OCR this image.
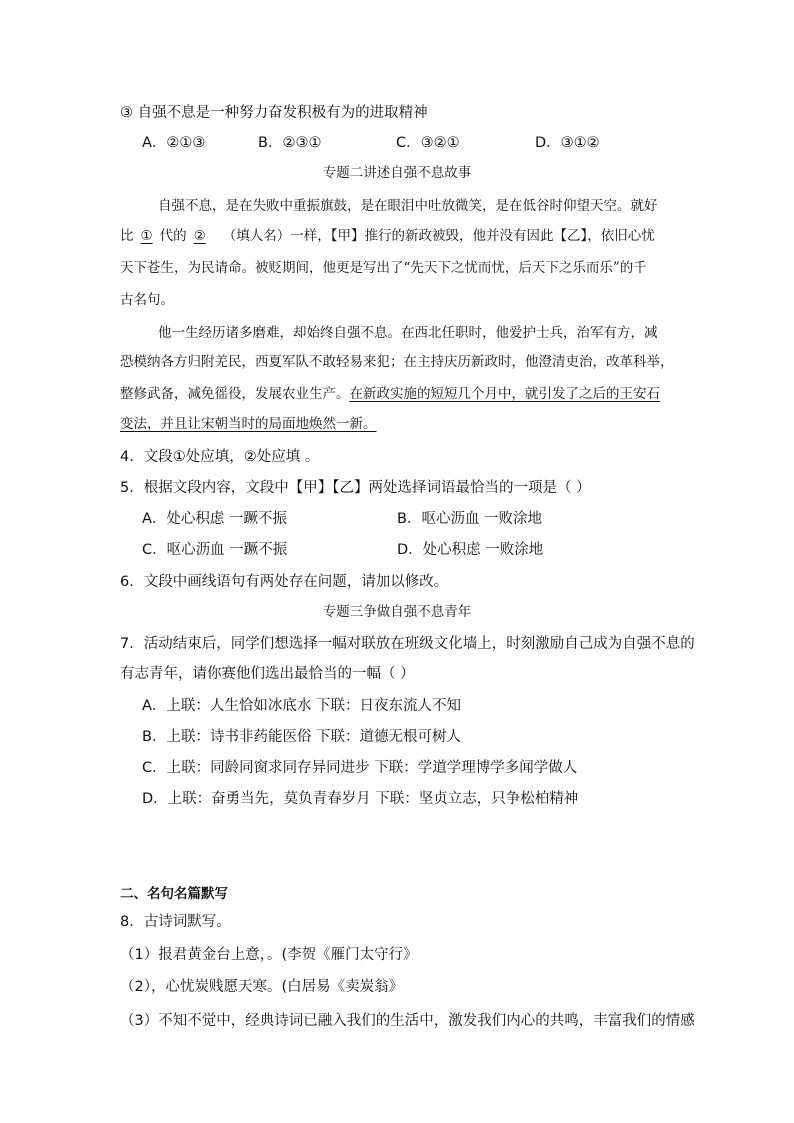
③ 自强不息是一种努力奋发积极有为的进取精神
A．②①③	B．②③①	C．③②①	D．③①②
专题二讲述自强不息故事
自强不息，是在失败中重振旗鼓，是在眼泪中吐放微笑，是在低谷时仰望天空。就好
比 ① 代的 ② （填人名）一样，【甲】推行的新政被毁，他并没有因此【乙】，依旧心忧
天下苍生，为民请命。被贬期间，他更是写出了“先天下之忧而忧，后天下之乐而乐”的千
古名句。
他一生经历诸多磨难，却始终自强不息。在西北任职时，他爱护士兵，治军有方，减
恐模纳各方归附羌民，西夏军队不敢轻易来犯；在主持庆历新政时，他澄清吏治，改革科举，
整修武备，减免徭役，发展农业生产。在新政实施的短短几个月中，就引发了之后的王安石
变法，并且让宋朝当时的局面地焕然一新。
4．文段①处应填，②处应填 。
5．根据文段内容，文段中【甲】【乙】两处选择词语最恰当的一项是（ ）
A．处心积虑 一蹶不振	B．呕心沥血 一败涂地
C．呕心沥血 一蹶不振	D．处心积虑 一败涂地
6．文段中画线语句有两处存在问题，请加以修改。
专题三争做自强不息青年
7．活动结束后，同学们想选择一幅对联放在班级文化墙上，时刻激励自己成为自强不息的
有志青年，请你赛他们选出最恰当的一幅（ ）
A．上联：人生恰如冰底水 下联：日夜东流人不知
B．上联：诗书非药能医俗 下联：道德无根可树人
C．上联：同龄同窗求同存异同进步 下联：学道学理博学多闻学做人
D．上联：奋勇当先，莫负青春岁月 下联：坚贞立志，只争松柏精神
二、名句名篇默写
8．古诗词默写。
（1）报君黄金台上意，。(李贺《雁门太守行》
（2），心忧炭贱愿天寒。(白居易《卖炭翁》
（3）不知不觉中，经典诗词已融入我们的生活中，激发我们内心的共鸣，丰富我们的情感
